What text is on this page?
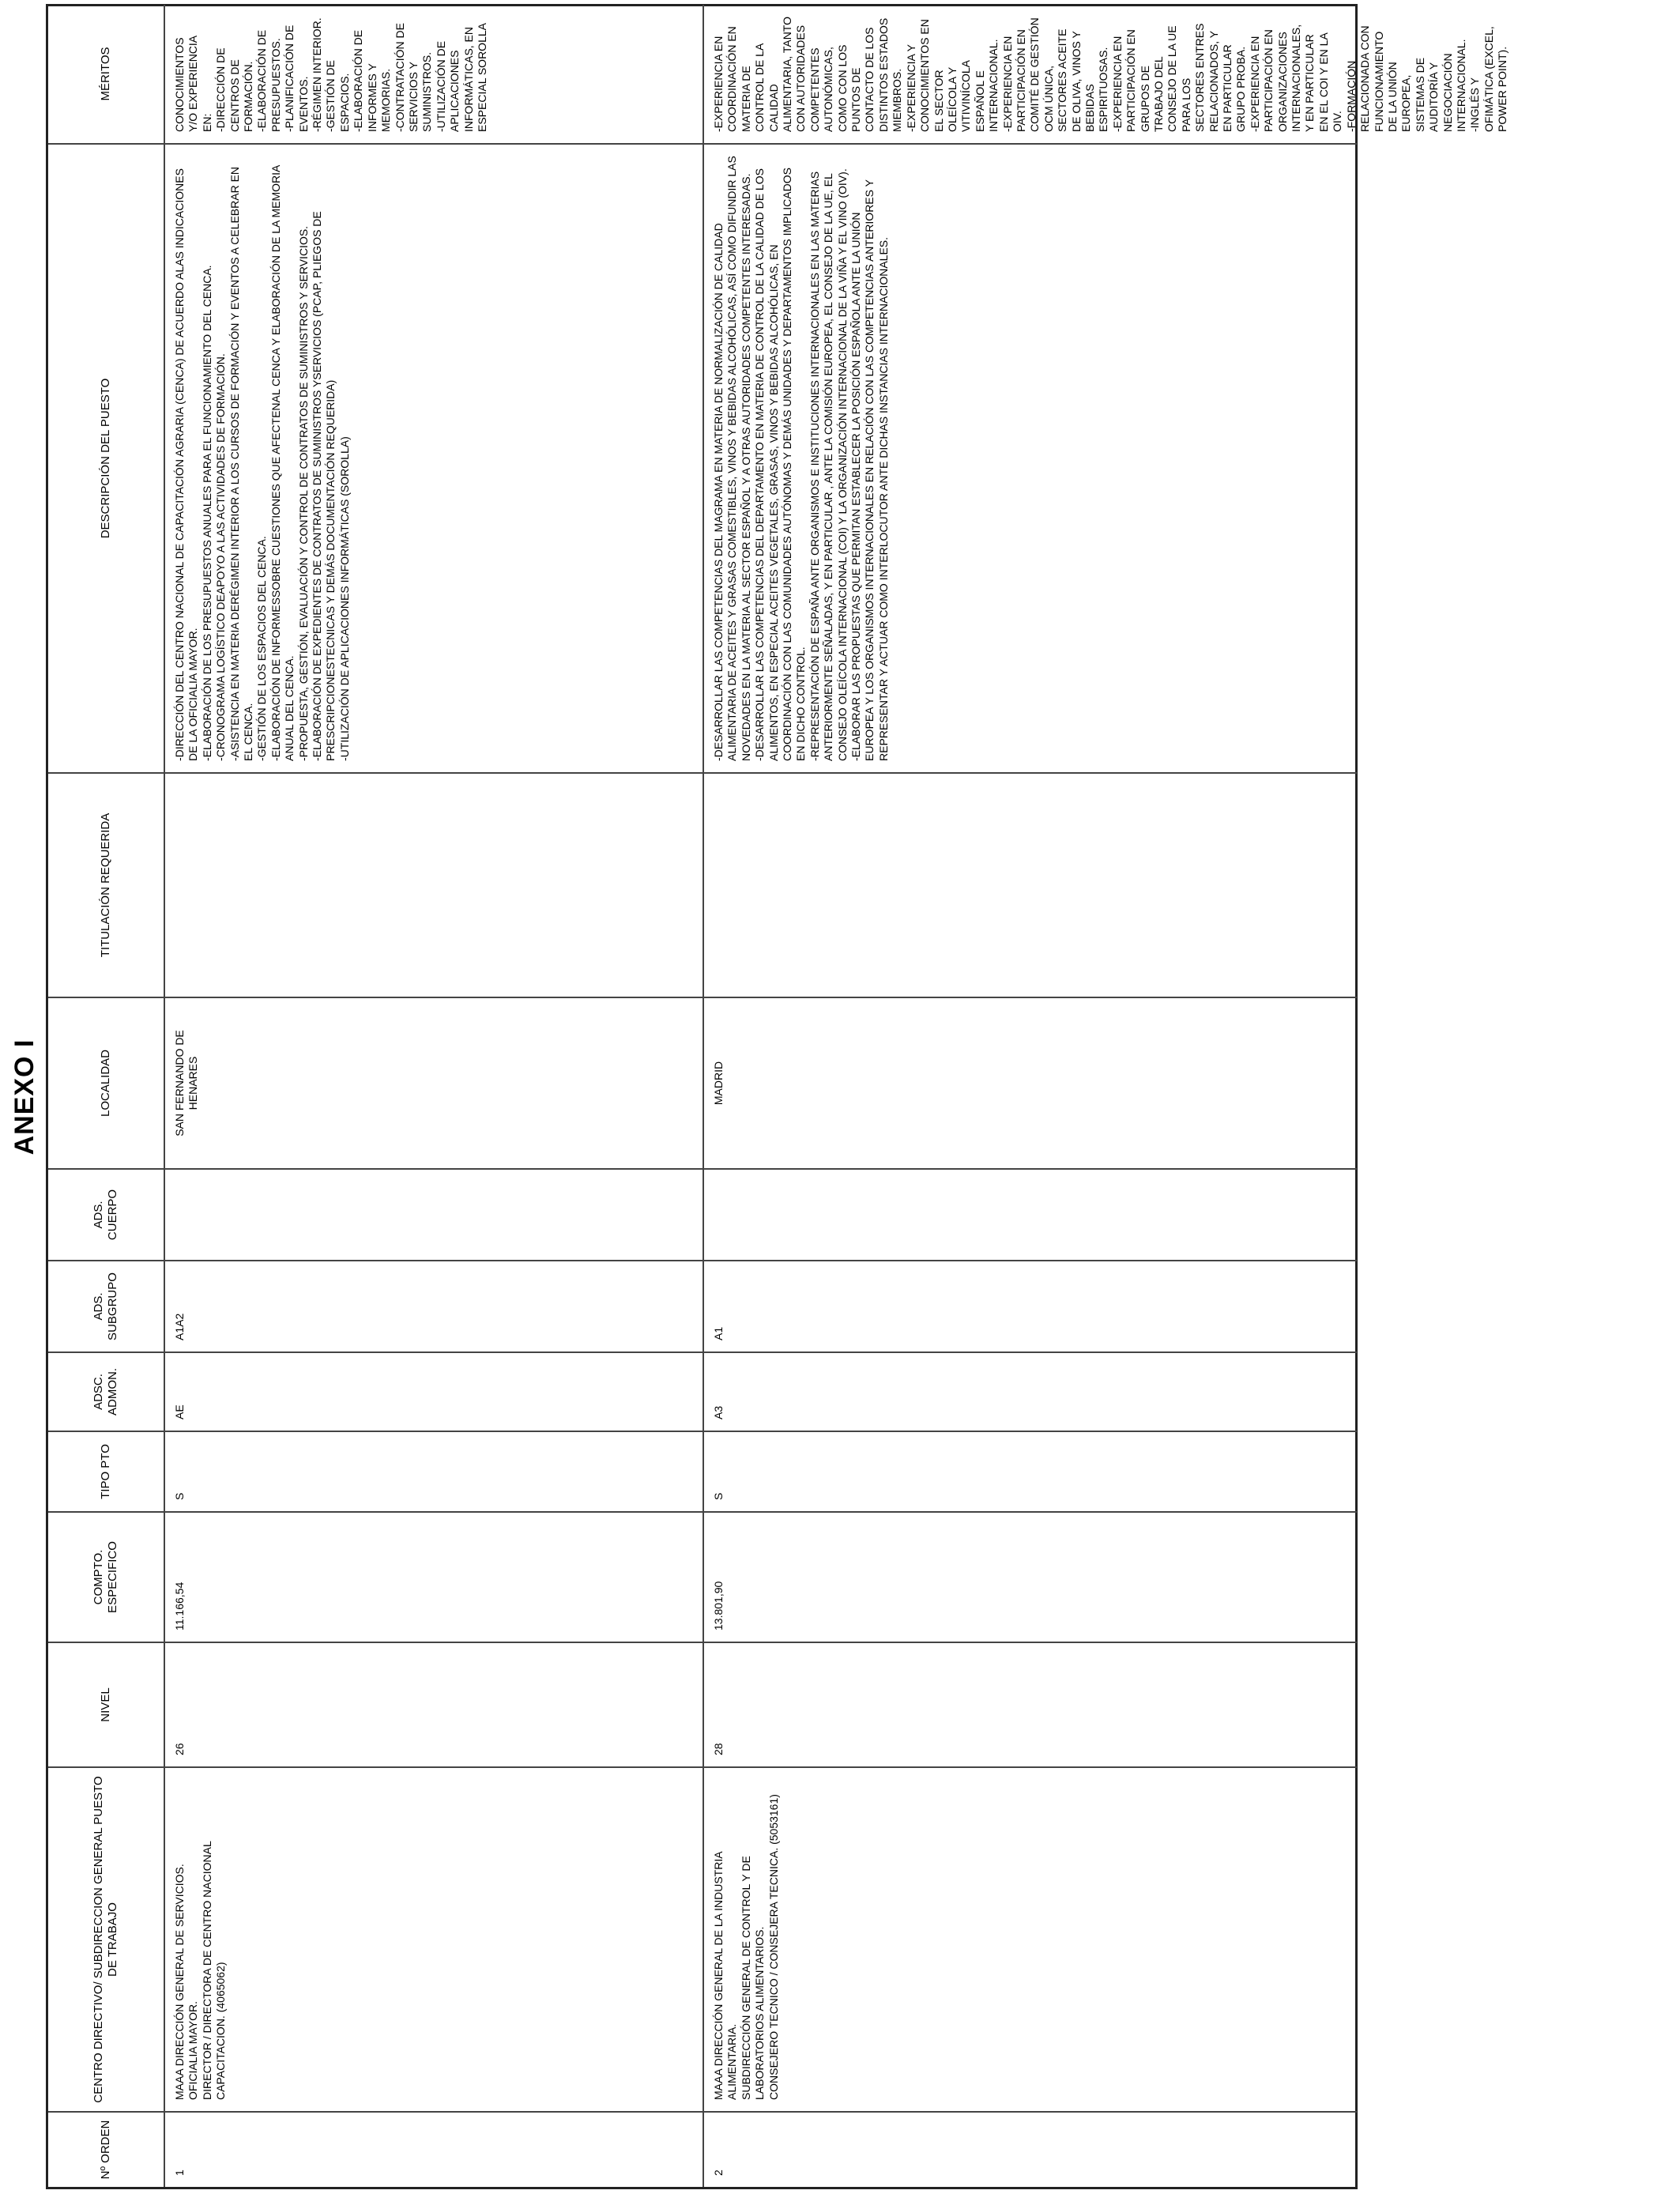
ANEXO I
Nº ORDEN
CENTRO DIRECTIVO/ SUBDIRECCION GENERAL PUESTO DE TRABAJO
NIVEL
COMPTO. ESPECIFICO
TIPO PTO
ADSC. ADMON.
ADS. SUBGRUPO
ADS. CUERPO
LOCALIDAD
TITULACIÓN REQUERIDA
DESCRIPCIÓN DEL PUESTO
MÉRITOS
1
MAAA DIRECCIÓN GENERAL DE SERVICIOS.
OFICIALIA MAYOR.
DIRECTOR / DIRECTORA DE CENTRO NACIONAL CAPACITACION. (4065062)
26
11.166,54
S
AE
A1A2
SAN FERNANDO DE HENARES
-DIRECCIÓN DEL CENTRO NACIONAL DE CAPACITACIÓN AGRARIA (CENCA) DE ACUERDO ALAS INDICACIONES DE LA OFICIALIA MAYOR.
-ELABORACIÓN DE LOS PRESUPUESTOS ANUALES PARA EL FUNCIONAMIENTO DEL CENCA.
-CRONOGRAMA LOGÍSTICO DEAPOYO A LAS ACTIVIDADES DE FORMACIÓN.
-ASISTENCIA EN MATERIA DERÉGIMEN INTERIOR A LOS CURSOS DE FORMACIÓN Y EVENTOS A CELEBRAR EN EL CENCA.
-GESTIÓN DE LOS ESPACIOS DEL CENCA.
-ELABORACIÓN DE INFORMESSOBRE CUESTIONES QUE AFECTENAL CENCA Y ELABORACIÓN DE LA MEMORIA ANUAL DEL CENCA.
-PROPUESTA, GESTIÓN, EVALUACIÓN Y CONTROL DE CONTRATOS DE SUMINISTROS Y SERVICIOS.
-ELABORACIÓN DE EXPEDIENTES DE CONTRATOS DE SUMINISTROS YSERVICIOS (PCAP, PLIEGOS DE PRESCRIPCIONESTECNICAS Y DEMÁS DOCUMENTACIÓN REQUERIDA)
-UTILIZACIÓN DE APLICACIONES INFORMÁTICAS (SOROLLA)
CONOCIMIENTOS Y/O EXPERIENCIA EN:
-DIRECCIÓN DE CENTROS DE FORMACIÓN.
-ELABORACIÓN DE PRESUPUESTOS.
-PLANIFICACIÓN DE EVENTOS.
-RÉGIMEN INTERIOR.
-GESTIÓN DE ESPACIOS.
-ELABORACIÓN DE INFORMES Y MEMORIAS.
-CONTRATACIÓN DE SERVICIOS Y SUMINISTROS.
-UTILIZACIÓN DE APLICACIONES INFORMÁTICAS, EN ESPECIAL SOROLLA
2
MAAA DIRECCIÓN GENERAL DE LA INDUSTRIA ALIMENTARIA.
SUBDIRECCIÓN GENERAL DE CONTROL Y DE LABORATORIOS ALIMENTARIOS.
CONSEJERO TECNICO / CONSEJERA TECNICA. (5053161)
28
13.801,90
S
A3
A1
MADRID
-DESARROLLAR LAS COMPETENCIAS DEL MAGRAMA EN MATERIA DE NORMALIZACIÓN DE CALIDAD ALIMENTARIA DE ACEITES Y GRASAS COMESTIBLES, VINOS Y BEBIDAS ALCOHÓLICAS, ASÍ COMO DIFUNDIR LAS NOVEDADES EN LA MATERIA AL SECTOR ESPAÑOL Y A OTRAS AUTORIDADES COMPETENTES INTERESADAS.
-DESARROLLAR LAS COMPETENCIAS DEL DEPARTAMENTO EN MATERIA DE CONTROL DE LA CALIDAD DE LOS ALIMENTOS, EN ESPECIAL ACEITES VEGETALES, GRASAS, VINOS Y BEBIDAS ALCOHÓLICAS, EN COORDINACIÓN CON LAS COMUNIDADES AUTÓNOMAS Y DEMÁS UNIDADES Y DEPARTAMENTOS IMPLICADOS EN DICHO CONTROL.
-REPRESENTACIÓN DE ESPAÑA ANTE ORGANISMOS E INSTITUCIONES INTERNACIONALES EN LAS MATERIAS ANTERIORMENTE SEÑALADAS, Y EN PARTICULAR , ANTE LA COMISIÓN EUROPEA, EL CONSEJO DE LA UE, EL CONSEJO OLEÍCOLA INTERNACIONAL (COI) Y LA ORGANIZACIÓN INTERNACIONAL DE LA VIÑA Y EL VINO (OIV).
-ELABORAR LAS PROPUESTAS QUE PERMITAN ESTABLECER LA POSICIÓN ESPAÑOLA ANTE LA UNIÓN EUROPEA Y LOS ORGANISMOS INTERNACIONALES EN RELACIÓN CON LAS COMPETENCIAS ANTERIORES Y REPRESENTAR Y ACTUAR COMO INTERLOCUTOR ANTE DICHAS INSTANCIAS INTERNACIONALES.
-EXPERIENCIA EN COORDINACIÓN EN MATERIA DE CONTROL DE LA CALIDAD ALIMENTARIA, TANTO CON AUTORIDADES COMPETENTES AUTONÓMICAS, COMO CON LOS PUNTOS DE CONTACTO DE LOS DISTINTOS ESTADOS MIEMBROS.
-EXPERIENCIA Y CONOCIMIENTOS EN EL SECTOR OLEÍCOLA Y VITIVINÍCOLA ESPAÑOL E INTERNACIONAL.
-EXPERIENCIA EN PARTICIPACIÓN EN COMITÉ DE GESTIÓN OCM ÚNICA, SECTORES ACEITE DE OLIVA, VINOS Y BEBIDAS ESPIRITUOSAS.
-EXPERIENCIA EN PARTICIPACIÓN EN GRUPOS DE TRABAJO DEL CONSEJO DE LA UE PARA LOS SECTORES ENTRES RELACIONADOS, Y EN PARTICULAR GRUPO PROBA.
-EXPERIENCIA EN PARTICIPACIÓN EN ORGANIZACIONES INTERNACIONALES, Y EN PARTICULAR EN EL COI Y EN LA OIV.
-FORMACIÓN RELACIONADA CON FUNCIONAMIENTO DE LA UNIÓN EUROPEA, SISTEMAS DE AUDITORÍA Y NEGOCIACIÓN INTERNACIONAL.
-INGLÉS Y OFIMÁTICA (EXCEL, POWER POINT).
